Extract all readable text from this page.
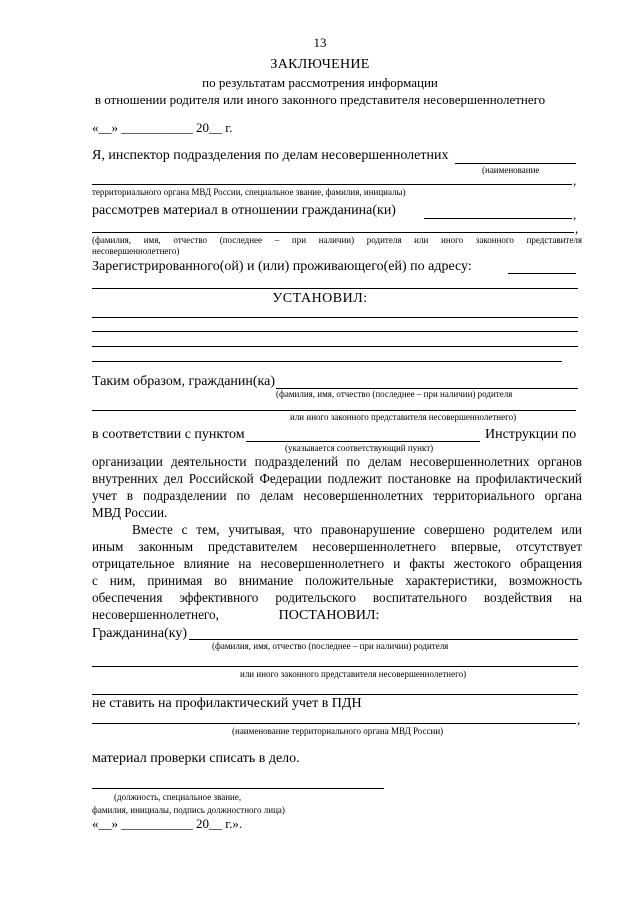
13
ЗАКЛЮЧЕНИЕ
по результатам рассмотрения информации
в отношении родителя или иного законного представителя несовершеннолетнего
«__» ___________ 20__ г.
Я, инспектор подразделения по делам несовершеннолетних
(наименование
,
территориального органа МВД России, специальное звание, фамилия, инициалы)
рассмотрев материал в отношении гражданина(ки)	,
,
(фамилия, имя, отчество (последнее – при наличии) родителя или иного законного представителя
несовершеннолетнего)
Зарегистрированного(ой) и (или) проживающего(ей) по адресу:
УСТАНОВИЛ:
Таким образом, гражданин(ка)
(фамилия, имя, отчество (последнее – при наличии) родителя
или иного законного представителя несовершеннолетнего)
в соответствии с пунктом	Инструкции по
(указывается соответствующий пункт)
организации деятельности подразделений по делам несовершеннолетних органов
внутренних дел Российской Федерации подлежит постановке на профилактический
учет в подразделении по делам несовершеннолетних территориального органа
МВД России.
Вместе с тем, учитывая, что правонарушение совершено родителем или
иным законным представителем несовершеннолетнего впервые, отсутствует
отрицательное влияние на несовершеннолетнего и факты жестокого обращения
с ним, принимая во внимание положительные характеристики, возможность
обеспечения эффективного родительского воспитательного воздействия на
несовершеннолетнего,	ПОСТАНОВИЛ:
Гражданина(ку)
(фамилия, имя, отчество (последнее – при наличии) родителя
или иного законного представителя несовершеннолетнего)
не ставить на профилактический учет в ПДН
,
(наименование территориального органа МВД России)
материал проверки списать в дело.
(должность, специальное звание,
фамилия, инициалы, подпись должностного лица)
«__» ___________ 20__ г.».
